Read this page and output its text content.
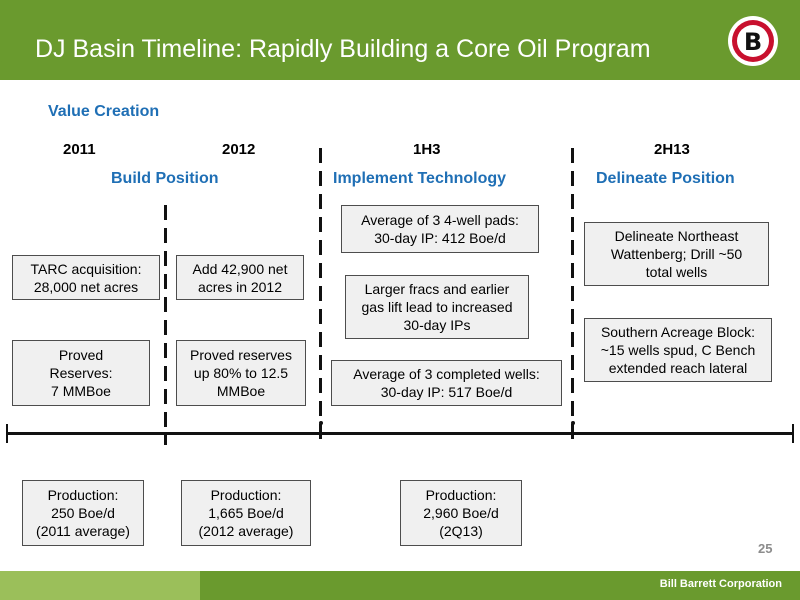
DJ Basin Timeline: Rapidly Building a Core Oil Program	B
Value Creation
2011	2012	1H3	2H13
Build Position	Implement Technology	Delineate Position
TARC acquisition:
28,000 net acres
Proved
Reserves:
7 MMBoe
Add 42,900 net
acres in 2012
Proved reserves
up 80% to 12.5
MMBoe
Average of 3 4-well pads:
30-day IP: 412 Boe/d
Larger fracs and earlier
gas lift lead to increased
30-day IPs
Average of 3 completed wells:
30-day IP: 517 Boe/d
Delineate Northeast
Wattenberg; Drill ~50
total wells
Southern Acreage Block:
~15 wells spud, C Bench
extended reach lateral
Production:
250 Boe/d
(2011 average)
Production:
1,665 Boe/d
(2012 average)
Production:
2,960 Boe/d
(2Q13)
25
Bill Barrett Corporation
